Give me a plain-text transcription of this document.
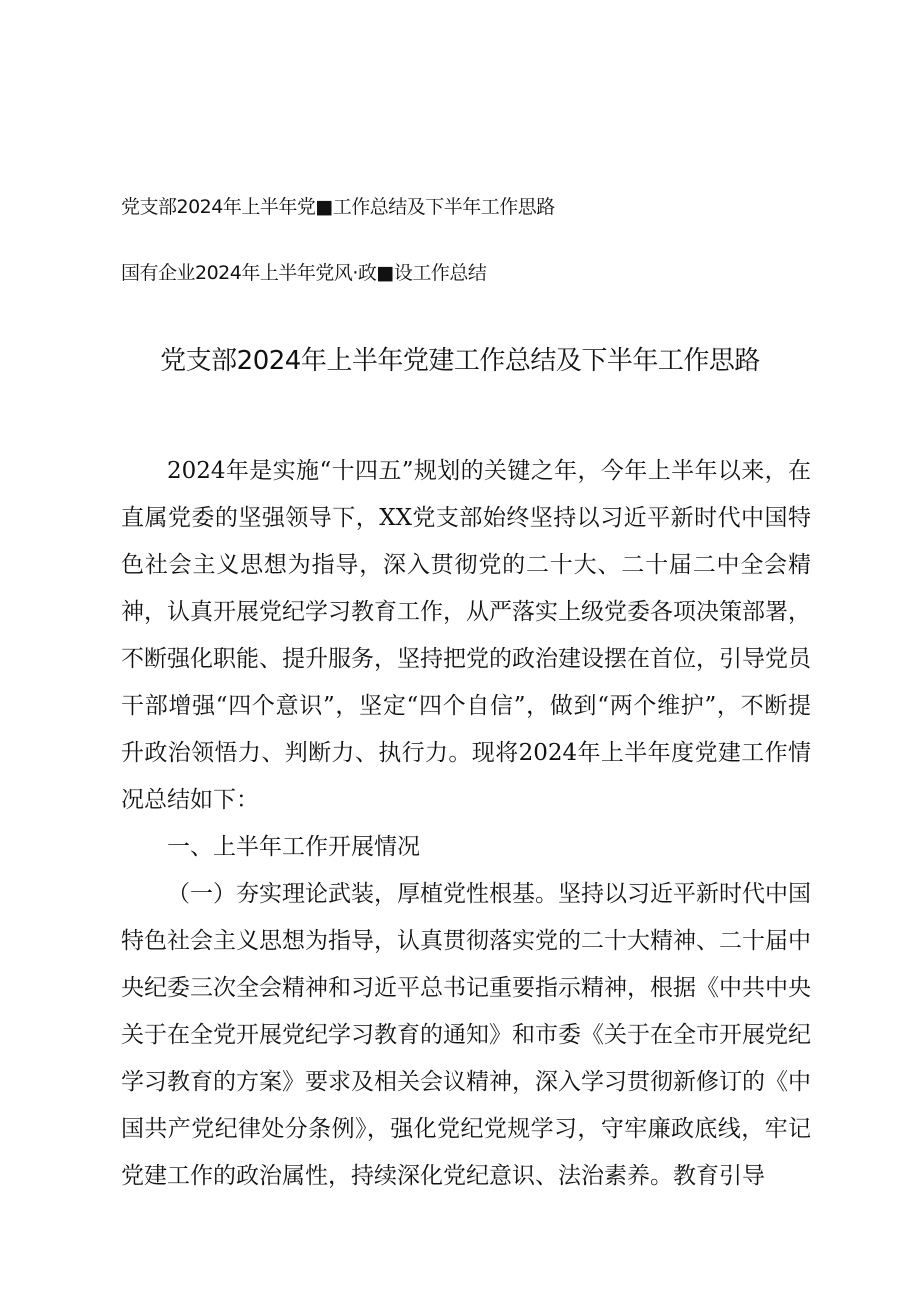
党支部2024年上半年党■工作总结及下半年工作思路
国有企业2024年上半年党风·政■设工作总结
党支部2024年上半年党建工作总结及下半年工作思路

2024年是实施“十四五”规划的关键之年，今年上半年以来，在直属党委的坚强领导下，XX党支部始终坚持以习近平新时代中国特色社会主义思想为指导，深入贯彻党的二十大、二十届二中全会精神，认真开展党纪学习教育工作，从严落实上级党委各项决策部署，不断强化职能、提升服务，坚持把党的政治建设摆在首位，引导党员干部增强“四个意识”，坚定“四个自信”，做到“两个维护”，不断提升政治领悟力、判断力、执行力。现将2024年上半年度党建工作情况总结如下：

一、上半年工作开展情况

（一）夯实理论武装，厚植党性根基。坚持以习近平新时代中国特色社会主义思想为指导，认真贯彻落实党的二十大精神、二十届中央纪委三次全会精神和习近平总书记重要指示精神，根据《中共中央关于在全党开展党纪学习教育的通知》和市委《关于在全市开展党纪学习教育的方案》要求及相关会议精神，深入学习贯彻新修订的《中国共产党纪律处分条例》，强化党纪党规学习，守牢廉政底线，牢记党建工作的政治属性，持续深化党纪意识、法治素养。教育引导
